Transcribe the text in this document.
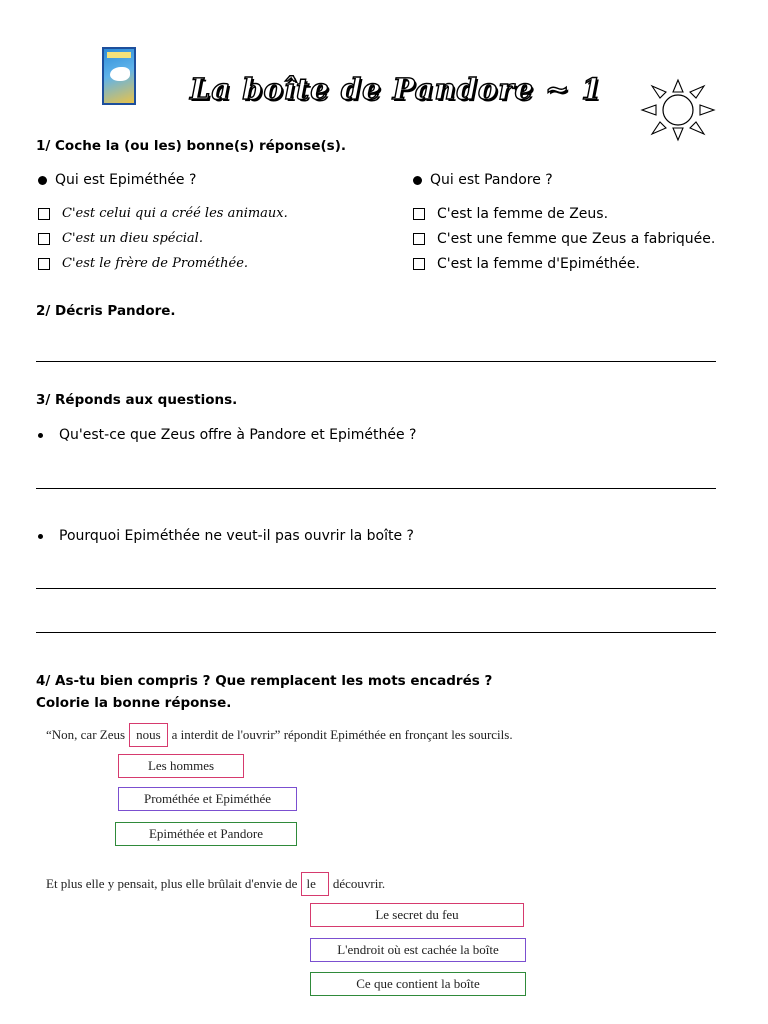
La boîte de Pandore ~ 1
1/ Coche la (ou les) bonne(s) réponse(s).
Qui est Epiméthée ?
C'est celui qui a créé les animaux.
C'est un dieu spécial.
C'est le frère de Prométhée.
Qui est Pandore ?
C'est la femme de Zeus.
C'est une femme que Zeus a fabriquée.
C'est la femme d'Epiméthée.
2/ Décris Pandore.
3/ Réponds aux questions.
Qu'est-ce que Zeus offre à Pandore et Epiméthée ?
Pourquoi Epiméthée ne veut-il pas ouvrir la boîte ?
4/ As-tu bien compris ? Que remplacent les mots encadrés ?
Colorie la bonne réponse.
“Non, car Zeus nous a interdit de l'ouvrir” répondit Epiméthée en fronçant les sourcils.
Les hommes
Prométhée et Epiméthée
Epiméthée et Pandore
Et plus elle y pensait, plus elle brûlait d'envie de le découvrir.
Le secret du feu
L'endroit où est cachée la boîte
Ce que contient la boîte
